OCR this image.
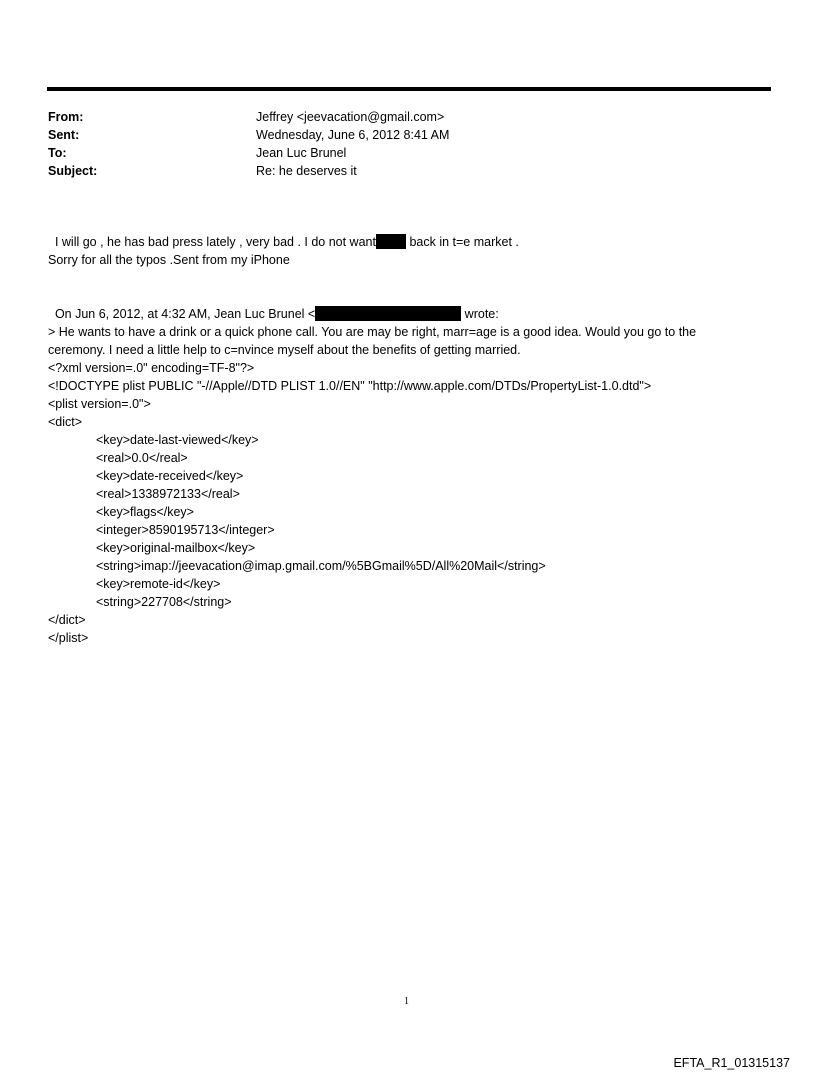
From:	Jeffrey <jeevacation@gmail.com>
Sent:	Wednesday, June 6, 2012 8:41 AM
To:	Jean Luc Brunel
Subject:	Re: he deserves it

I will go , he has bad press lately , very bad . I do not want back in t=e market .

Sorry for all the typos .Sent from my iPhone

On Jun 6, 2012, at 4:32 AM, Jean Luc Brunel <	wrote:

> He wants to have a drink or a quick phone call. You are may be right, marr=age is a good idea. Would you go to the
ceremony. I need a little help to c=nvince myself about the benefits of getting married.
<?xml version=.0" encoding=TF-8"?>
<!DOCTYPE plist PUBLIC "-//Apple//DTD PLIST 1.0//EN" "http://www.apple.com/DTDs/PropertyList-1.0.dtd">
<plist version=.0">
<dict>
<key>date-last-viewed</key>
<real>0.0</real>
<key>date-received</key>
<real>1338972133</real>
<key>flags</key>
<integer>8590195713</integer>
<key>original-mailbox</key>
<string>imap://jeevacation@imap.gmail.com/%5BGmail%5D/All%20Mail</string>
<key>remote-id</key>
<string>227708</string>
</dict>
</plist>
1
EFTA_R1_01315137
